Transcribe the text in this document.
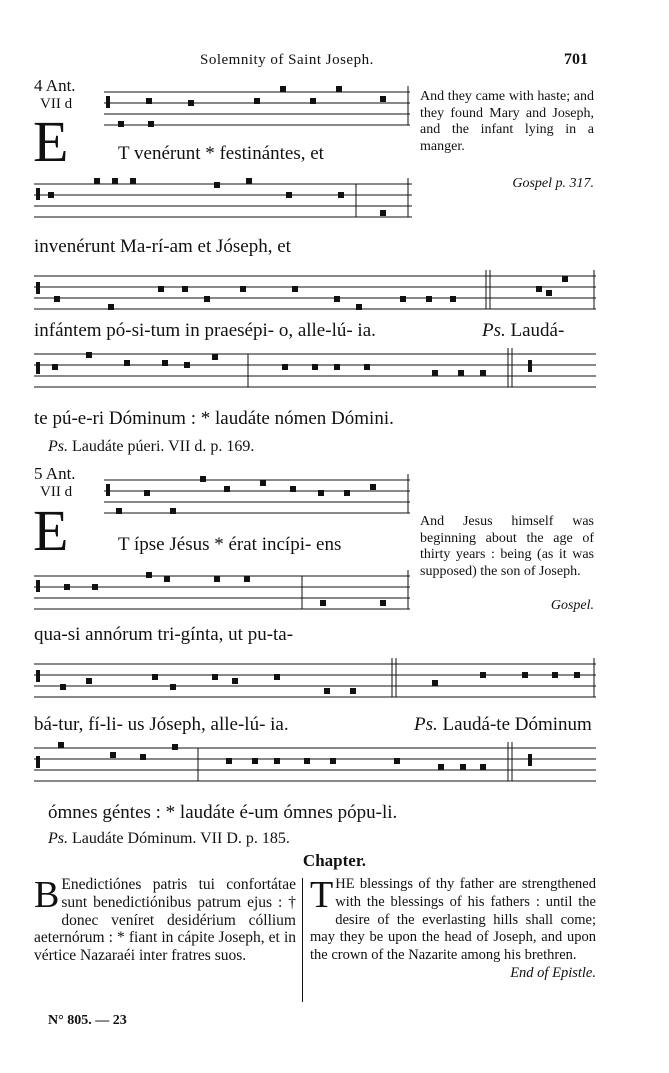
Solemnity of Saint Joseph.	701
4 Ant.
VII d
E	T venérunt * festinántes, et
invenérunt Ma-rí-am et Jóseph, et
infántem pó-si-tum in praesépi- o, alle-lú- ia.	Ps. Laudá-
te pú-e-ri Dóminum : * laudáte nómen Dómini.
And they came with haste; and they found Mary and Joseph, and the infant lying in a manger.
Gospel p. 317.
Ps. Laudáte púeri. VII d. p. 169.
5 Ant.
VII d
E	T ípse Jésus * érat incípi- ens
qua-si annórum tri-gínta, ut pu-ta-
bá-tur, fí-li- us Jóseph, alle-lú- ia.	Ps. Laudá-te Dóminum
ómnes géntes : * laudáte é-um ómnes pópu-li.
And Jesus himself was beginning about the age of thirty years : being (as it was supposed) the son of Joseph.
Gospel.
Ps. Laudáte Dóminum. VII D. p. 185.
Chapter.
B Enedictiónes patris tui confortátae sunt benedictiónibus patrum ejus : † donec veníret desidérium cóllium aeternórum : * fiant in cápite Joseph, et in vértice Nazaraéi inter fratres suos.
THE blessings of thy father are strengthened with the blessings of his fathers : until the desire of the everlasting hills shall come; may they be upon the head of Joseph, and upon the crown of the Nazarite among his brethren.
End of Epistle.
N° 805. — 23
